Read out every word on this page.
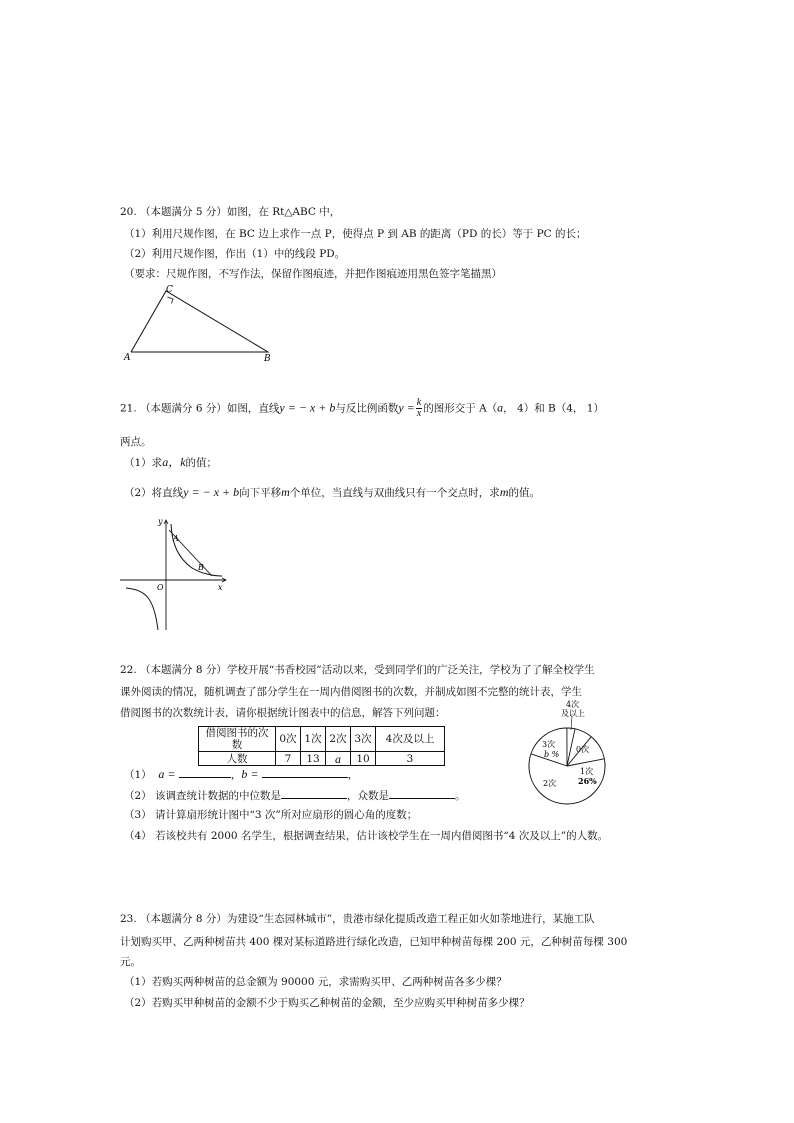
20. （本题满分 5 分）如图，在 Rt△ABC 中，
（1）利用尺规作图，在 BC 边上求作一点 P，使得点 P 到 AB 的距离（PD 的长）等于 PC 的长；
（2）利用尺规作图，作出（1）中的线段 PD。
（要求：尺规作图，不写作法，保留作图痕迹，并把作图痕迹用黑色签字笔描黑）
C
A	B
21. （本题满分 6 分）如图，直线y = − x + b与反比例函数$y = \frac{k}{x}$ 的图形交于 A（a， 4）和 B（4， 1）
两点。
（1）求a，k的值；
（2）将直线y = − x + b向下平移m个单位，当直线与双曲线只有一个交点时，求m的值。
y
x
O
A
B
22. （本题满分 8 分）学校开展“书香校园”活动以来，受到同学们的广泛关注，学校为了了解全校学生
课外阅读的情况，随机调查了部分学生在一周内借阅图书的次数，并制成如图不完整的统计表，学生
借阅图书的次数统计表，请你根据统计图表中的信息，解答下列问题：
借阅图书的次数	0次	1次	2次	3次	4次及以上
人数	7	13	a	10	3
4次
及以上
0次
1次
26%
2次
3次
b %
（1） a =	，b =	，
（2） 该调查统计数据的中位数是	，众数是	。
（3） 请计算扇形统计图中“3 次”所对应扇形的圆心角的度数；
（4） 若该校共有 2000 名学生，根据调查结果，估计该校学生在一周内借阅图书“4 次及以上”的人数。
23. （本题满分 8 分）为建设“生态园林城市”，贵港市绿化提质改造工程正如火如荼地进行，某施工队
计划购买甲、乙两种树苗共 400 棵对某标道路进行绿化改造，已知甲种树苗每棵 200 元，乙种树苗每棵 300
元。
（1）若购买两种树苗的总金额为 90000 元，求需购买甲、乙两种树苗各多少棵？
（2）若购买甲种树苗的金额不少于购买乙种树苗的金额，至少应购买甲种树苗多少棵？
